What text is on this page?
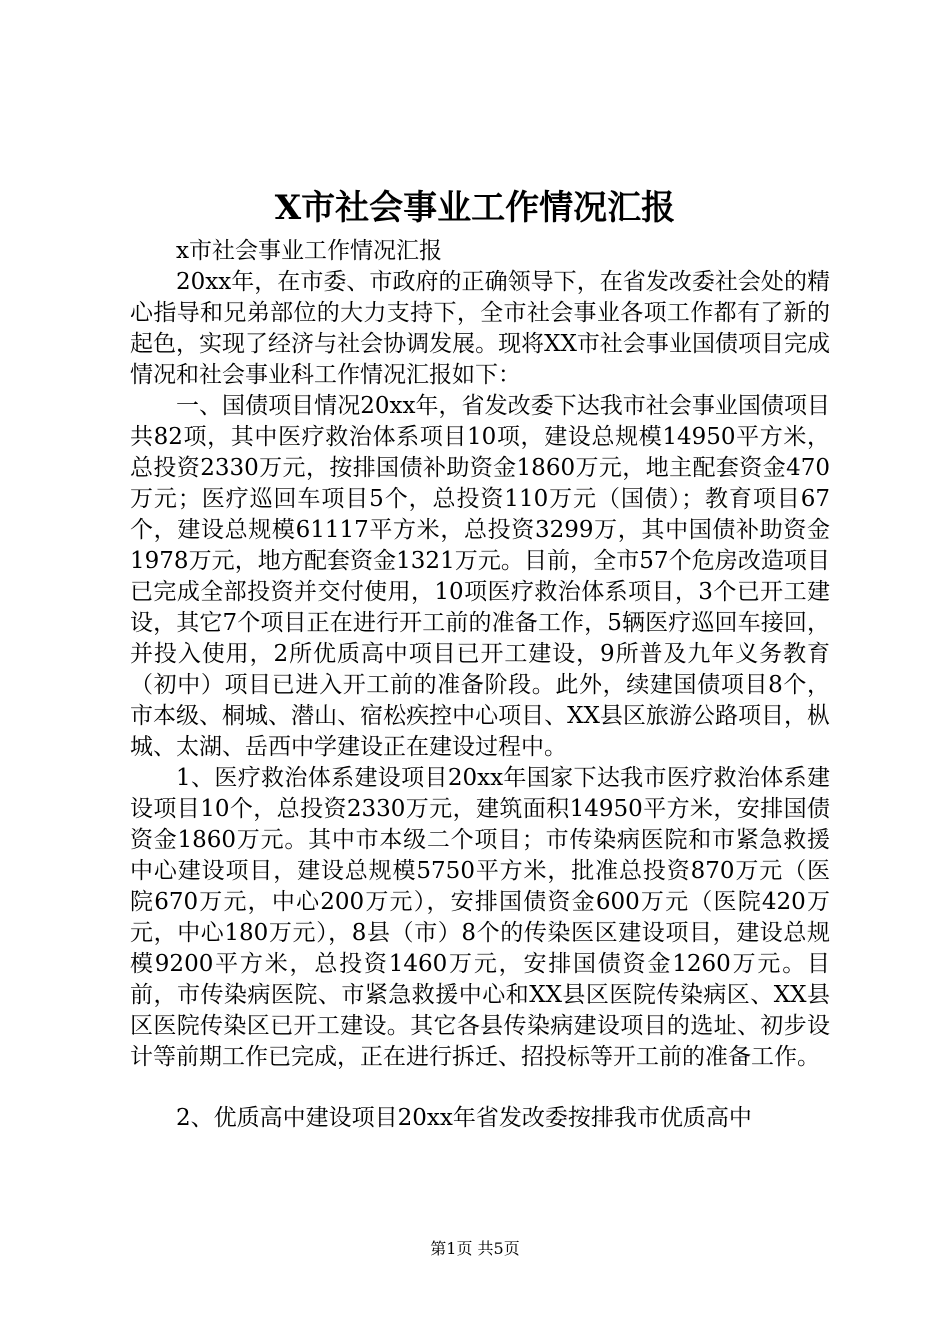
X市社会事业工作情况汇报

x市社会事业工作情况汇报

20xx年，在市委、市政府的正确领导下，在省发改委社会处的精心指导和兄弟部位的大力支持下，全市社会事业各项工作都有了新的起色，实现了经济与社会协调发展。现将XX市社会事业国债项目完成情况和社会事业科工作情况汇报如下：

一、国债项目情况20xx年，省发改委下达我市社会事业国债项目共82项，其中医疗救治体系项目10项，建设总规模14950平方米，总投资2330万元，按排国债补助资金1860万元，地主配套资金470万元；医疗巡回车项目5个，总投资110万元（国债）；教育项目67个，建设总规模61117平方米，总投资3299万，其中国债补助资金1978万元，地方配套资金1321万元。目前，全市57个危房改造项目已完成全部投资并交付使用，10项医疗救治体系项目，3个已开工建设，其它7个项目正在进行开工前的准备工作，5辆医疗巡回车接回，并投入使用，2所优质高中项目已开工建设，9所普及九年义务教育（初中）项目已进入开工前的准备阶段。此外，续建国债项目8个，市本级、桐城、潜山、宿松疾控中心项目、XX县区旅游公路项目，枞城、太湖、岳西中学建设正在建设过程中。

1、医疗救治体系建设项目20xx年国家下达我市医疗救治体系建设项目10个，总投资2330万元，建筑面积14950平方米，安排国债资金1860万元。其中市本级二个项目；市传染病医院和市紧急救援中心建设项目，建设总规模5750平方米，批准总投资870万元（医院670万元，中心200万元），安排国债资金600万元（医院420万元，中心180万元），8县（市）8个的传染医区建设项目，建设总规模9200平方米，总投资1460万元，安排国债资金1260万元。目前，市传染病医院、市紧急救援中心和XX县区医院传染病区、XX县区医院传染区已开工建设。其它各县传染病建设项目的选址、初步设计等前期工作已完成，正在进行拆迁、招投标等开工前的准备工作。

2、优质高中建设项目20xx年省发改委按排我市优质高中

第1页 共5页
